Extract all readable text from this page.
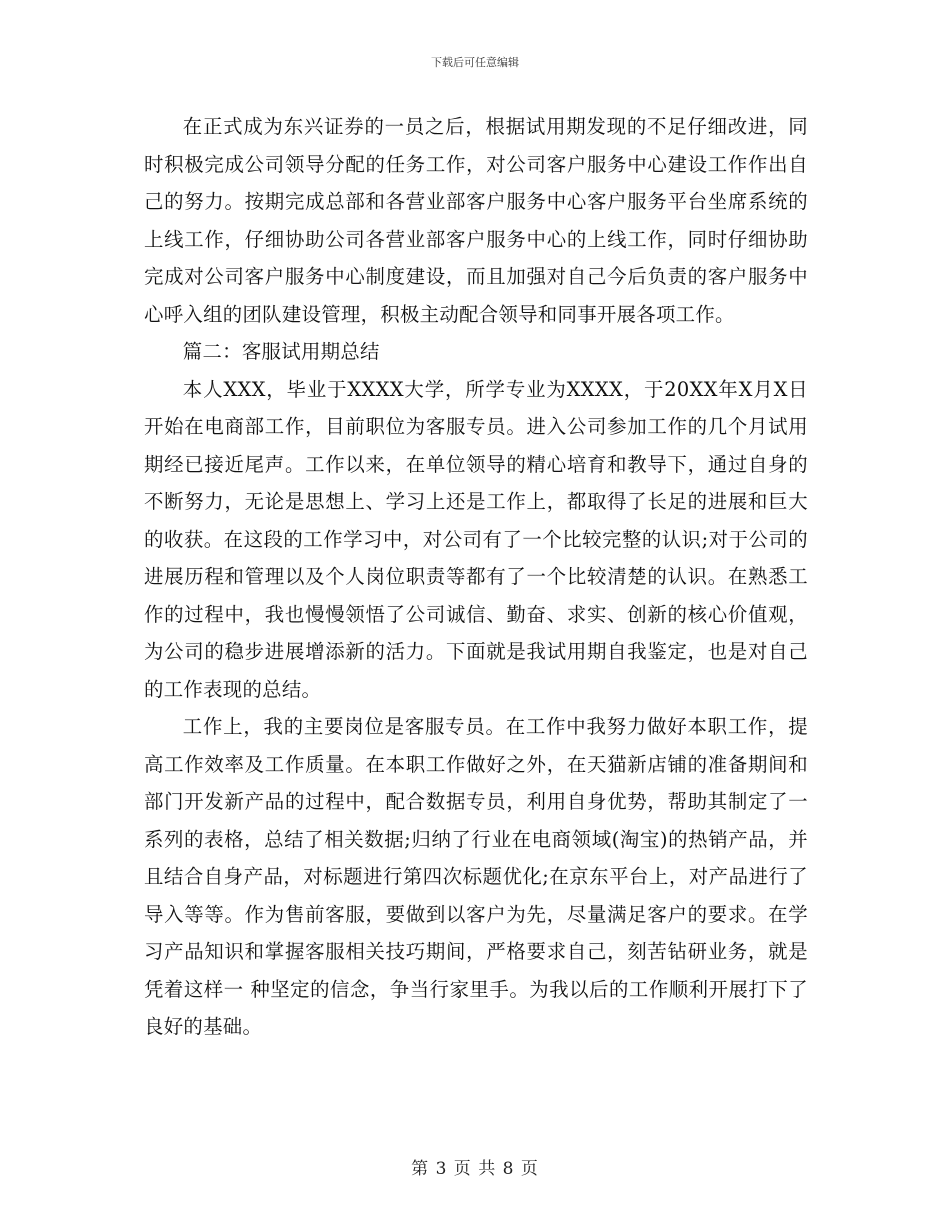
下载后可任意编辑

在正式成为东兴证券的一员之后，根据试用期发现的不足仔细改进，同时积极完成公司领导分配的任务工作，对公司客户服务中心建设工作作出自己的努力。按期完成总部和各营业部客户服务中心客户服务平台坐席系统的上线工作，仔细协助公司各营业部客户服务中心的上线工作，同时仔细协助完成对公司客户服务中心制度建设，而且加强对自己今后负责的客户服务中心呼入组的团队建设管理，积极主动配合领导和同事开展各项工作。

篇二：客服试用期总结

本人XXX，毕业于XXXX大学，所学专业为XXXX，于20XX年X月X日开始在电商部工作，目前职位为客服专员。进入公司参加工作的几个月试用期经已接近尾声。工作以来，在单位领导的精心培育和教导下，通过自身的不断努力，无论是思想上、学习上还是工作上，都取得了长足的进展和巨大的收获。在这段的工作学习中，对公司有了一个比较完整的认识;对于公司的进展历程和管理以及个人岗位职责等都有了一个比较清楚的认识。在熟悉工作的过程中，我也慢慢领悟了公司诚信、勤奋、求实、创新的核心价值观，为公司的稳步进展增添新的活力。下面就是我试用期自我鉴定，也是对自己的工作表现的总结。

工作上，我的主要岗位是客服专员。在工作中我努力做好本职工作，提高工作效率及工作质量。在本职工作做好之外，在天猫新店铺的准备期间和部门开发新产品的过程中，配合数据专员，利用自身优势，帮助其制定了一系列的表格，总结了相关数据;归纳了行业在电商领域(淘宝)的热销产品，并且结合自身产品，对标题进行第四次标题优化;在京东平台上，对产品进行了导入等等。作为售前客服，要做到以客户为先，尽量满足客户的要求。在学习产品知识和掌握客服相关技巧期间，严格要求自己，刻苦钻研业务，就是凭着这样一 种坚定的信念，争当行家里手。为我以后的工作顺利开展打下了良好的基础。

第 3 页 共 8 页
